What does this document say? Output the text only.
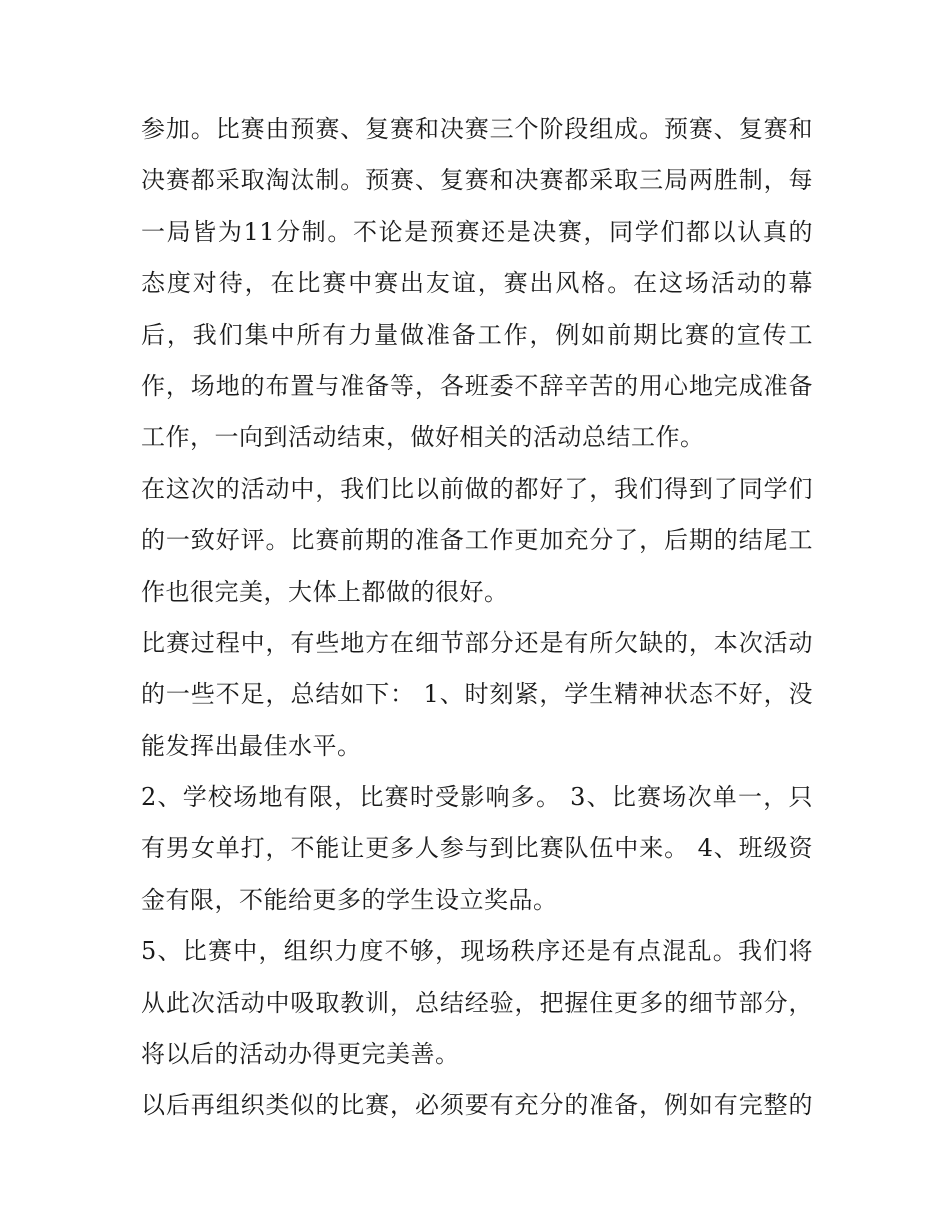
参加。比赛由预赛、复赛和决赛三个阶段组成。预赛、复赛和
决赛都采取淘汰制。预赛、复赛和决赛都采取三局两胜制，每
一局皆为11分制。不论是预赛还是决赛，同学们都以认真的
态度对待，在比赛中赛出友谊，赛出风格。在这场活动的幕
后，我们集中所有力量做准备工作，例如前期比赛的宣传工
作，场地的布置与准备等，各班委不辞辛苦的用心地完成准备
工作，一向到活动结束，做好相关的活动总结工作。
在这次的活动中，我们比以前做的都好了，我们得到了同学们
的一致好评。比赛前期的准备工作更加充分了，后期的结尾工
作也很完美，大体上都做的很好。
比赛过程中，有些地方在细节部分还是有所欠缺的，本次活动
的一些不足，总结如下： 1、时刻紧，学生精神状态不好，没
能发挥出最佳水平。
2、学校场地有限，比赛时受影响多。 3、比赛场次单一，只
有男女单打，不能让更多人参与到比赛队伍中来。 4、班级资
金有限，不能给更多的学生设立奖品。
5、比赛中，组织力度不够，现场秩序还是有点混乱。我们将
从此次活动中吸取教训，总结经验，把握住更多的细节部分，
将以后的活动办得更完美善。
以后再组织类似的比赛，必须要有充分的准备，例如有完整的
